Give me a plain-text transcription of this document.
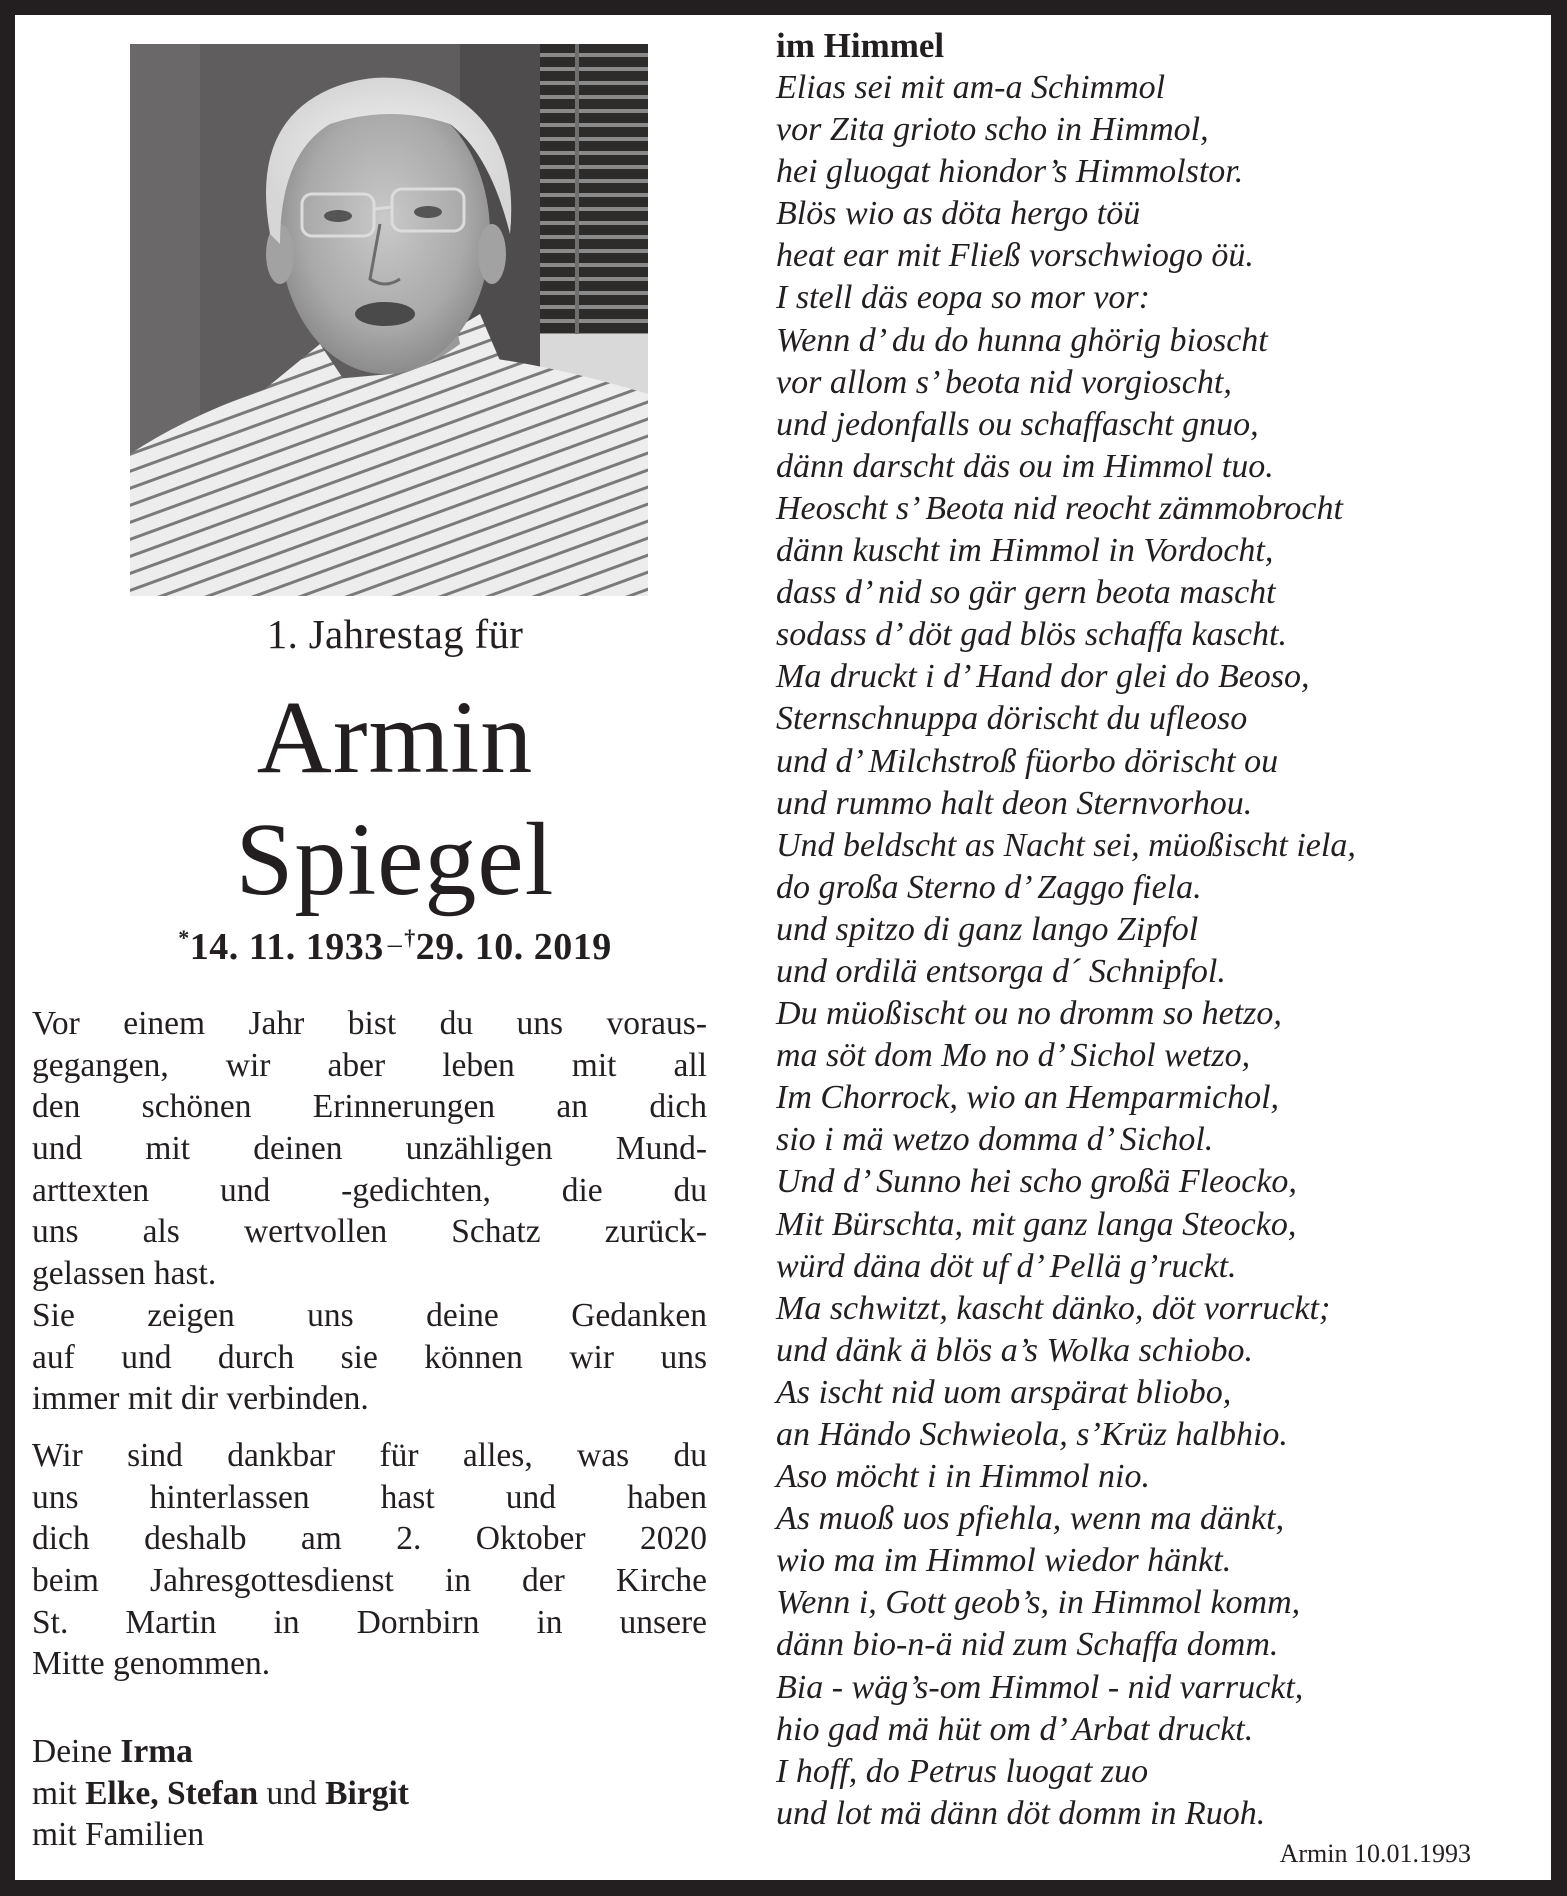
1. Jahrestag für
Armin
Spiegel
*14. 11. 1933 –†29. 10. 2019
Vor einem Jahr bist du uns voraus-
gegangen, wir aber leben mit all
den schönen Erinnerungen an dich
und mit deinen unzähligen Mund-
arttexten und -gedichten, die du
uns als wertvollen Schatz zurück-
gelassen hast.
Sie zeigen uns deine Gedanken
auf und durch sie können wir uns
immer mit dir verbinden.
Wir sind dankbar für alles, was du
uns hinterlassen hast und haben
dich deshalb am 2. Oktober 2020
beim Jahresgottesdienst in der Kirche
St. Martin in Dornbirn in unsere
Mitte genommen.
Deine Irma
mit Elke, Stefan und Birgit
mit Familien
im Himmel
Elias sei mit am-a Schimmol
vor Zita grioto scho in Himmol,
hei gluogat hiondor’s Himmolstor.
Blös wio as döta hergo töü
heat ear mit Fließ vorschwiogo öü.
I stell däs eopa so mor vor:
Wenn d’ du do hunna ghörig bioscht
vor allom s’ beota nid vorgioscht,
und jedonfalls ou schaffascht gnuo,
dänn darscht däs ou im Himmol tuo.
Heoscht s’ Beota nid reocht zämmobrocht
dänn kuscht im Himmol in Vordocht,
dass d’ nid so gär gern beota mascht
sodass d’ döt gad blös schaffa kascht.
Ma druckt i d’ Hand dor glei do Beoso,
Sternschnuppa dörischt du ufleoso
und d’ Milchstroß füorbo dörischt ou
und rummo halt deon Sternvorhou.
Und beldscht as Nacht sei, müoßischt iela,
do großa Sterno d’ Zaggo fiela.
und spitzo di ganz lango Zipfol
und ordilä entsorga d´ Schnipfol.
Du müoßischt ou no dromm so hetzo,
ma söt dom Mo no d’ Sichol wetzo,
Im Chorrock, wio an Hemparmichol,
sio i mä wetzo domma d’ Sichol.
Und d’ Sunno hei scho großä Fleocko,
Mit Bürschta, mit ganz langa Steocko,
würd däna döt uf d’ Pellä g’ruckt.
Ma schwitzt, kascht dänko, döt vorruckt;
und dänk ä blös a’s Wolka schiobo.
As ischt nid uom arspärat bliobo,
an Händo Schwieola, s’Krüz halbhio.
Aso möcht i in Himmol nio.
As muoß uos pfiehla, wenn ma dänkt,
wio ma im Himmol wiedor hänkt.
Wenn i, Gott geob’s, in Himmol komm,
dänn bio-n-ä nid zum Schaffa domm.
Bia - wäg’s-om Himmol - nid varruckt,
hio gad mä hüt om d’ Arbat druckt.
I hoff, do Petrus luogat zuo
und lot mä dänn döt domm in Ruoh.
Armin 10.01.1993
